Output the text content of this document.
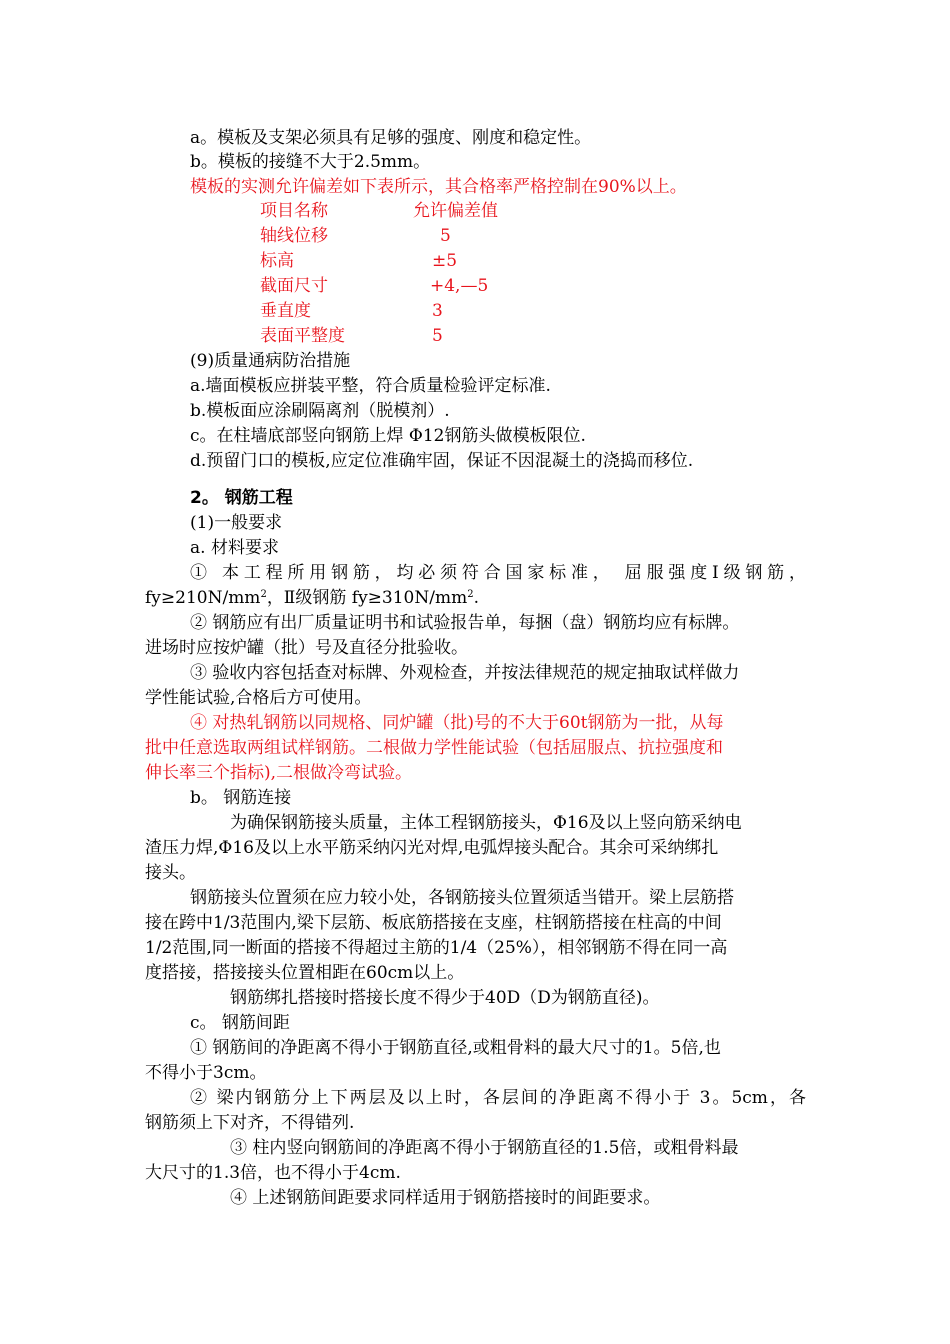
a。模板及支架必须具有足够的强度、刚度和稳定性。
b。模板的接缝不大于2.5mm。
模板的实测允许偏差如下表所示，其合格率严格控制在90%以上。
项目名称	允许偏差值
轴线位移	5
标高	±5
截面尺寸	+4,—5
垂直度	3
表面平整度	5
(9)质量通病防治措施
a.墙面模板应拼装平整，符合质量检验评定标准.
b.模板面应涂刷隔离剂（脱模剂）.
c。在柱墙底部竖向钢筋上焊 Φ12钢筋头做模板限位.
d.预留门口的模板,应定位准确牢固，保证不因混凝土的浇捣而移位.
2。 钢筋工程
(1)一般要求
a. 材料要求
① 本工程所用钢筋，均必须符合国家标准， 屈服强度Ⅰ级钢筋，
$fy\ge 210N/mm^2$，Ⅱ级钢筋 $fy\ge 310N/mm^2$.
② 钢筋应有出厂质量证明书和试验报告单，每捆（盘）钢筋均应有标牌。
进场时应按炉罐（批）号及直径分批验收。
③ 验收内容包括查对标牌、外观检查，并按法律规范的规定抽取试样做力
学性能试验,合格后方可使用。
④ 对热轧钢筋以同规格、同炉罐（批)号的不大于60t钢筋为一批，从每
批中任意选取两组试样钢筋。二根做力学性能试验（包括屈服点、抗拉强度和
伸长率三个指标),二根做冷弯试验。
b。 钢筋连接
为确保钢筋接头质量，主体工程钢筋接头，Φ16及以上竖向筋采纳电
渣压力焊,Φ16及以上水平筋采纳闪光对焊,电弧焊接头配合。其余可采纳绑扎
接头。
钢筋接头位置须在应力较小处，各钢筋接头位置须适当错开。梁上层筋搭
接在跨中1/3范围内,梁下层筋、板底筋搭接在支座，柱钢筋搭接在柱高的中间
1/2范围,同一断面的搭接不得超过主筋的1/4（25%），相邻钢筋不得在同一高
度搭接，搭接接头位置相距在60cm以上。
钢筋绑扎搭接时搭接长度不得少于40D（D为钢筋直径)。
c。 钢筋间距
① 钢筋间的净距离不得小于钢筋直径,或粗骨料的最大尺寸的1。5倍,也
不得小于3cm。
② 梁内钢筋分上下两层及以上时，各层间的净距离不得小于 3。5cm，各
钢筋须上下对齐，不得错列.
③ 柱内竖向钢筋间的净距离不得小于钢筋直径的1.5倍，或粗骨料最
大尺寸的1.3倍，也不得小于4cm.
④ 上述钢筋间距要求同样适用于钢筋搭接时的间距要求。
